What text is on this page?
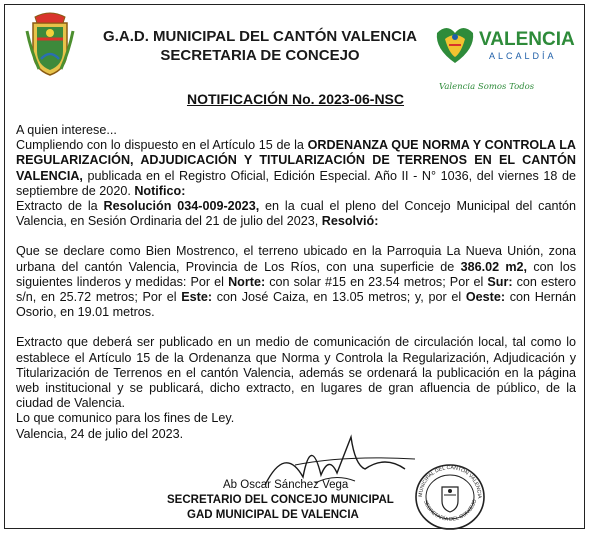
G.A.D. MUNICIPAL DEL CANTÓN VALENCIA
SECRETARIA DE CONCEJO
VALENCIA
ALCALDÍA
Valencia Somos Todos
NOTIFICACIÓN No. 2023-06-NSC

A quien interese...

Cumpliendo con lo dispuesto en el Artículo 15 de la ORDENANZA QUE NORMA Y CONTROLA LA REGULARIZACIÓN, ADJUDICACIÓN Y TITULARIZACIÓN DE TERRENOS EN EL CANTÓN VALENCIA, publicada en el Registro Oficial, Edición Especial. Año II - N° 1036, del viernes 18 de septiembre de 2020. Notifico:

Extracto de la Resolución 034-009-2023, en la cual el pleno del Concejo Municipal del cantón Valencia, en Sesión Ordinaria del 21 de julio del 2023, Resolvió:

Que se declare como Bien Mostrenco, el terreno ubicado en la Parroquia La Nueva Unión, zona urbana del cantón Valencia, Provincia de Los Ríos, con una superficie de 386.02 m2, con los siguientes linderos y medidas: Por el Norte: con solar #15 en 23.54 metros; Por el Sur: con estero s/n, en 25.72 metros; Por el Este: con José Caiza, en 13.05 metros; y, por el Oeste: con Hernán Osorio, en 19.01 metros.

Extracto que deberá ser publicado en un medio de comunicación de circulación local, tal como lo establece el Artículo 15 de la Ordenanza que Norma y Controla la Regularización, Adjudicación y Titularización de Terrenos en el cantón Valencia, además se ordenará la publicación en la página web institucional y se publicará, dicho extracto, en lugares de gran afluencia de público, de la ciudad de Valencia.

Lo que comunico para los fines de Ley.

Valencia, 24 de julio del 2023.

Ab Oscar Sánchez Vega
SECRETARIO DEL CONCEJO MUNICIPAL
GAD MUNICIPAL DE VALENCIA
MUNICIPAL DEL CANTÓN VALENCIA
SECRETARÍA DEL CONCEJO
